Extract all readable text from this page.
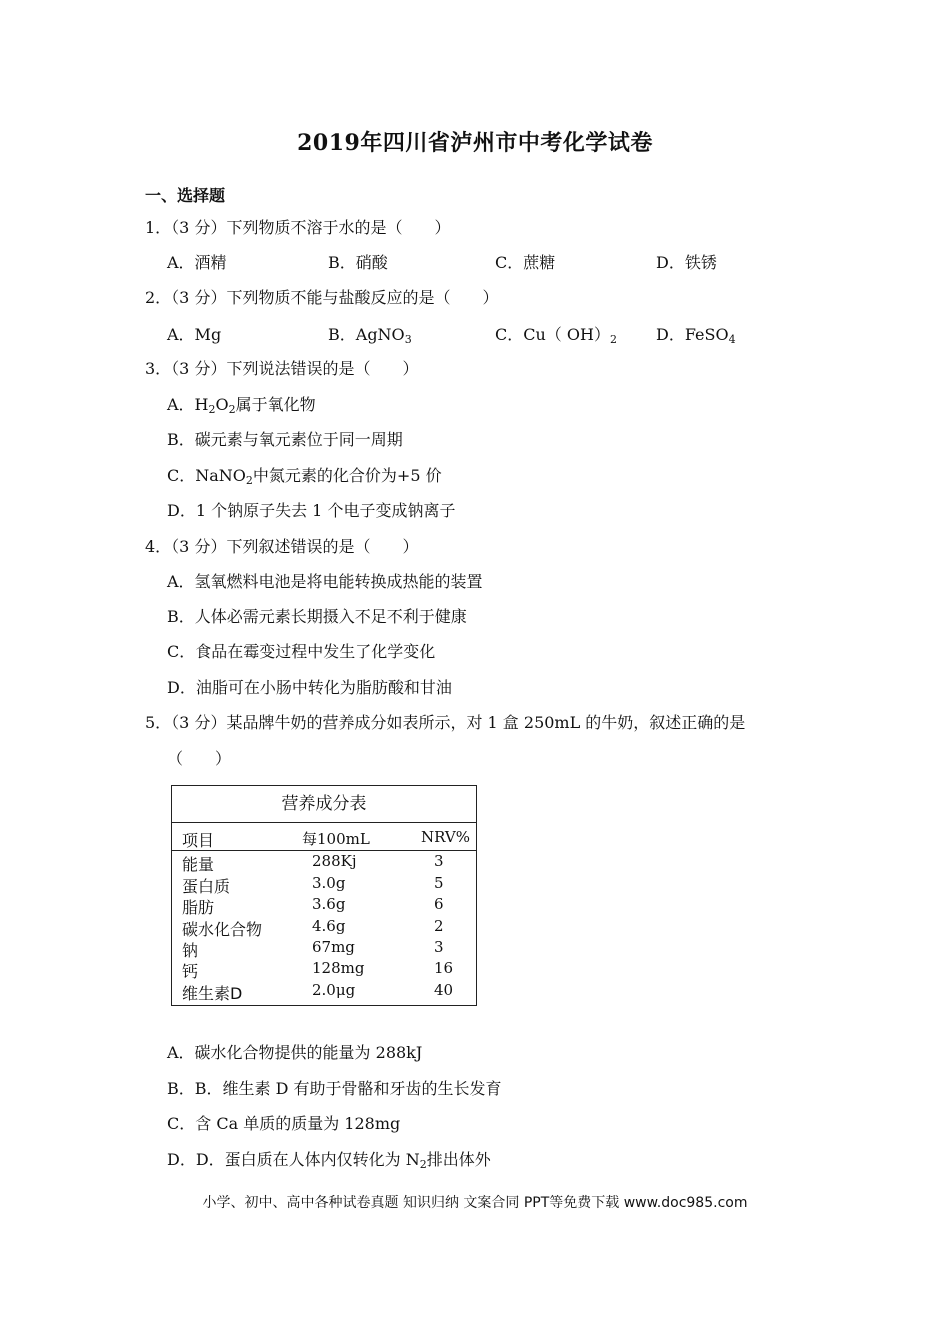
2019年四川省泸州市中考化学试卷
一、选择题
1．（3 分）下列物质不溶于水的是（　　）
A．酒精	B．硝酸	C．蔗糖	D．铁锈
2．（3 分）下列物质不能与盐酸反应的是（　　）
A．Mg	B．AgNO$_3$	C．Cu（ $OH)_2$ D．FeSO$_4$
3．（3 分）下列说法错误的是（　　）
A．$H_2O_2$属于氧化物
B．碳元素与氧元素位于同一周期
C．NaNO$_2$中氮元素的化合价为+5 价
D．1 个钠原子失去 1 个电子变成钠离子
4．（3 分）下列叙述错误的是（　　）
A．氢氧燃料电池是将电能转换成热能的装置
B．人体必需元素长期摄入不足不利于健康
C．食品在霉变过程中发生了化学变化
D．油脂可在小肠中转化为脂肪酸和甘油
5．（3 分）某品牌牛奶的营养成分如表所示，对 1 盒 250mL 的牛奶，叙述正确的是
（　　）
营养成分表
项目	每100mL	NRV%
能量	288Kj	3
蛋白质	3.0g	5
脂肪	3.6g	6
碳水化合物	4.6g	2
钠	67mg	3
钙	128mg	16
维生素D	2.0μg	40
A．碳水化合物提供的能量为 288kJ
B．B．维生素 D 有助于骨骼和牙齿的生长发育
C．含 Ca 单质的质量为 128mg
D．D．蛋白质在人体内仅转化为 $N_2$排出体外
小学、初中、高中各种试卷真题 知识归纳 文案合同 PPT等免费下载 www.doc985.com
